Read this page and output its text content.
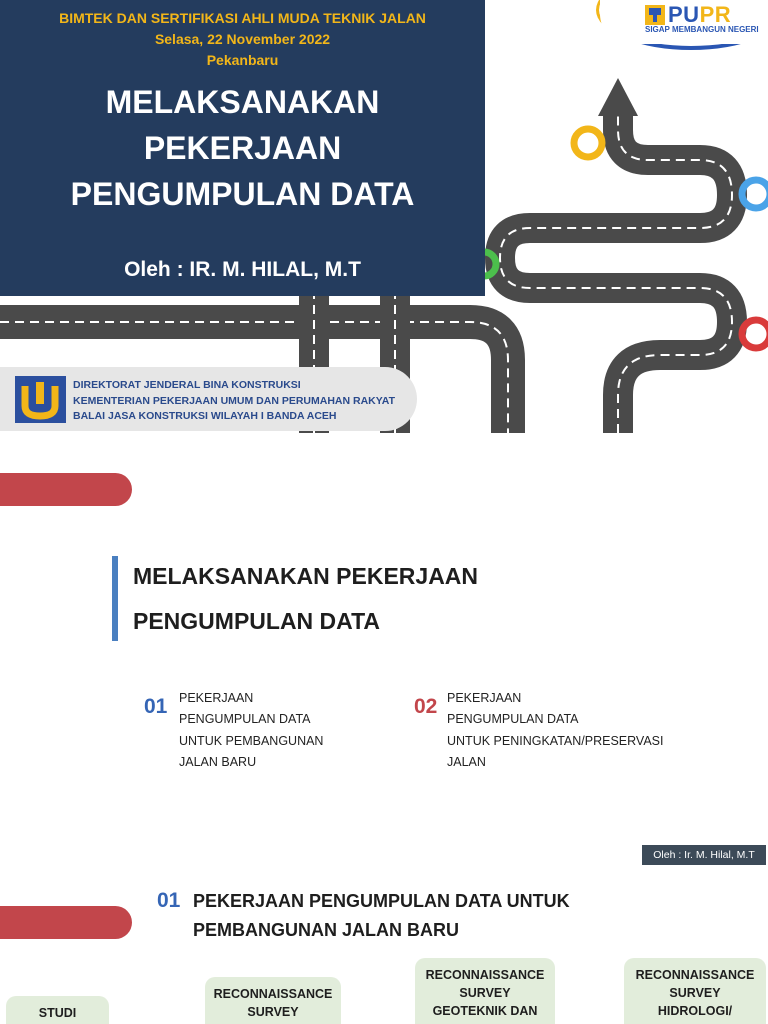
BIMTEK DAN SERTIFIKASI AHLI MUDA TEKNIK JALAN
Selasa, 22 November 2022
Pekanbaru
MELAKSANAKAN
PEKERJAAN
PENGUMPULAN DATA
Oleh : IR. M. HILAL, M.T
PUPR
SIGAP MEMBANGUN NEGERI
DIREKTORAT JENDERAL BINA KONSTRUKSI
KEMENTERIAN PEKERJAAN UMUM DAN PERUMAHAN RAKYAT
BALAI JASA KONSTRUKSI WILAYAH I BANDA ACEH
MELAKSANAKAN PEKERJAAN
PENGUMPULAN DATA
01 PEKERJAAN
PENGUMPULAN DATA
UNTUK PEMBANGUNAN
JALAN BARU
02 PEKERJAAN
PENGUMPULAN DATA
UNTUK PENINGKATAN/PRESERVASI
JALAN
Oleh : Ir. M. Hilal, M.T
01 PEKERJAAN PENGUMPULAN DATA UNTUK
PEMBANGUNAN JALAN BARU
STUDI
RECONNAISSANCE
SURVEY
RECONNAISSANCE
SURVEY
GEOTEKNIK DAN
RECONNAISSANCE
SURVEY
HIDROLOGI/
